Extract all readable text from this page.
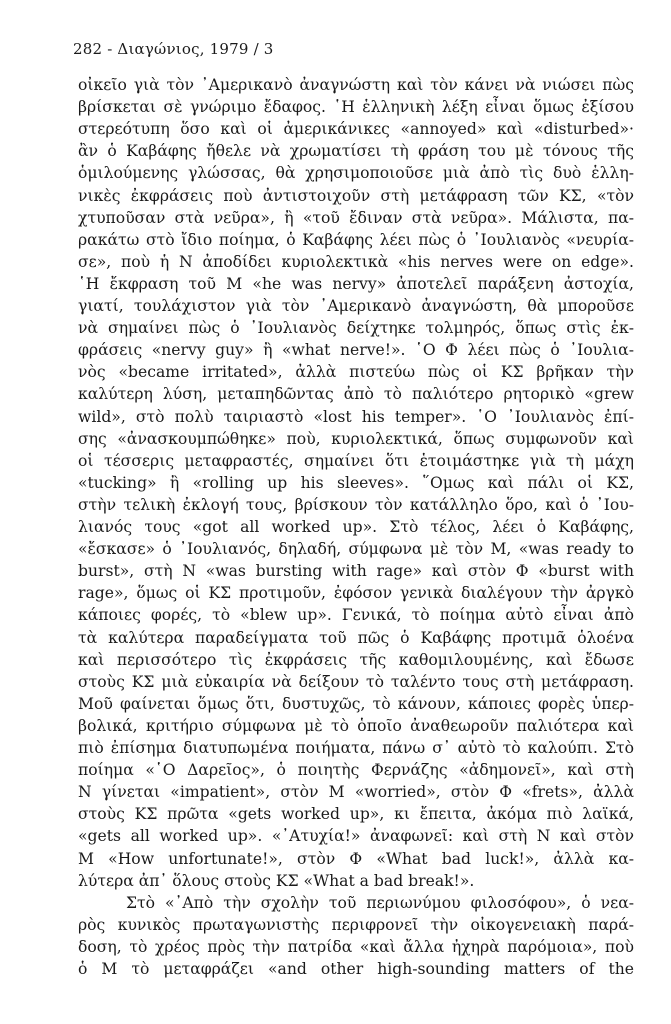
282 - Διαγώνιος, 1979 / 3
οἰκεῖο γιὰ τὸν ᾿Αμερικανὸ ἀναγνώστη καὶ τὸν κάνει νὰ νιώσει πὼς
βρίσκεται σὲ γνώριμο ἔδαφος. ῾Η ἑλληνικὴ λέξη εἶναι ὅμως ἐξίσου
στερεότυπη ὅσο καὶ οἱ ἀμερικάνικες «annoyed» καὶ «disturbed»·
ἂν ὁ Καβάφης ἤθελε νὰ χρωματίσει τὴ φράση του μὲ τόνους τῆς
ὁμιλούμενης γλώσσας, θὰ χρησιμοποιοῦσε μιὰ ἀπὸ τὶς δυὸ ἑλλη-
νικὲς ἐκφράσεις ποὺ ἀντιστοιχοῦν στὴ μετάφραση τῶν ΚΣ, «τὸν
χτυποῦσαν στὰ νεῦρα», ἢ «τοῦ ἔδιναν στὰ νεῦρα». Μάλιστα, πα-
ρακάτω στὸ ἴδιο ποίημα, ὁ Καβάφης λέει πὼς ὁ ᾿Ιουλιανὸς «νευρία-
σε», ποὺ ἡ Ν ἀποδίδει κυριολεκτικὰ «his nerves were on edge».
῾Η ἔκφραση τοῦ Μ «he was nervy» ἀποτελεῖ παράξενη ἀστοχία,
γιατί, τουλάχιστον γιὰ τὸν ᾿Αμερικανὸ ἀναγνώστη, θὰ μποροῦσε
νὰ σημαίνει πὼς ὁ ᾿Ιουλιανὸς δείχτηκε τολμηρός, ὅπως στὶς ἐκ-
φράσεις «nervy guy» ἢ «what nerve!». ῾Ο Φ λέει πὼς ὁ ᾿Ιουλια-
νὸς «became irritated», ἀλλὰ πιστεύω πὼς οἱ ΚΣ βρῆκαν τὴν
καλύτερη λύση, μεταπηδῶντας ἀπὸ τὸ παλιότερο ρητορικὸ «grew
wild», στὸ πολὺ ταιριαστὸ «lost his temper». ῾Ο ᾿Ιουλιανὸς ἐπί-
σης «ἀνασκουμπώθηκε» ποὺ, κυριολεκτικά, ὅπως συμφωνοῦν καὶ
οἱ τέσσερις μεταφραστές, σημαίνει ὅτι ἑτοιμάστηκε γιὰ τὴ μάχη
«tucking» ἢ «rolling up his sleeves». ῞Ομως καὶ πάλι οἱ ΚΣ,
στὴν τελικὴ ἐκλογή τους, βρίσκουν τὸν κατάλληλο ὅρο, καὶ ὁ ᾿Ιου-
λιανός τους «got all worked up». Στὸ τέλος, λέει ὁ Καβάφης,
«ἔσκασε» ὁ ᾿Ιουλιανός, δηλαδή, σύμφωνα μὲ τὸν Μ, «was ready to
burst», στὴ Ν «was bursting with rage» καὶ στὸν Φ «burst with
rage», ὅμως οἱ ΚΣ προτιμοῦν, ἐφόσον γενικὰ διαλέγουν τὴν ἀργκὸ
κάποιες φορές, τὸ «blew up». Γενικά, τὸ ποίημα αὐτὸ εἶναι ἀπὸ
τὰ καλύτερα παραδείγματα τοῦ πῶς ὁ Καβάφης προτιμᾶ ὁλοένα
καὶ περισσότερο τὶς ἐκφράσεις τῆς καθομιλουμένης, καὶ ἔδωσε
στοὺς ΚΣ μιὰ εὐκαιρία νὰ δείξουν τὸ ταλέντο τους στὴ μετάφραση.
Μοῦ φαίνεται ὅμως ὅτι, δυστυχῶς, τὸ κάνουν, κάποιες φορὲς ὑπερ-
βολικά, κριτήριο σύμφωνα μὲ τὸ ὁποῖο ἀναθεωροῦν παλιότερα καὶ
πιὸ ἐπίσημα διατυπωμένα ποιήματα, πάνω σ᾿ αὐτὸ τὸ καλούπι. Στὸ
ποίημα «῾Ο Δαρεῖος», ὁ ποιητὴς Φερνάζης «ἀδημονεῖ», καὶ στὴ
Ν γίνεται «impatient», στὸν Μ «worried», στὸν Φ «frets», ἀλλὰ
στοὺς ΚΣ πρῶτα «gets worked up», κι ἔπειτα, ἀκόμα πιὸ λαϊκά,
«gets all worked up». «᾿Ατυχία!» ἀναφωνεῖ: καὶ στὴ Ν καὶ στὸν
Μ «How unfortunate!», στὸν Φ «What bad luck!», ἀλλὰ κα-
λύτερα ἀπ᾿ ὅλους στοὺς ΚΣ «What a bad break!».
Στὸ «᾿Απὸ τὴν σχολὴν τοῦ περιωνύμου φιλοσόφου», ὁ νεα-
ρὸς κυνικὸς πρωταγωνιστὴς περιφρονεῖ τὴν οἰκογενειακὴ παρά-
δοση, τὸ χρέος πρὸς τὴν πατρίδα «καὶ ἄλλα ἠχηρὰ παρόμοια», ποὺ
ὁ Μ τὸ μεταφράζει «and other high-sounding matters of the
